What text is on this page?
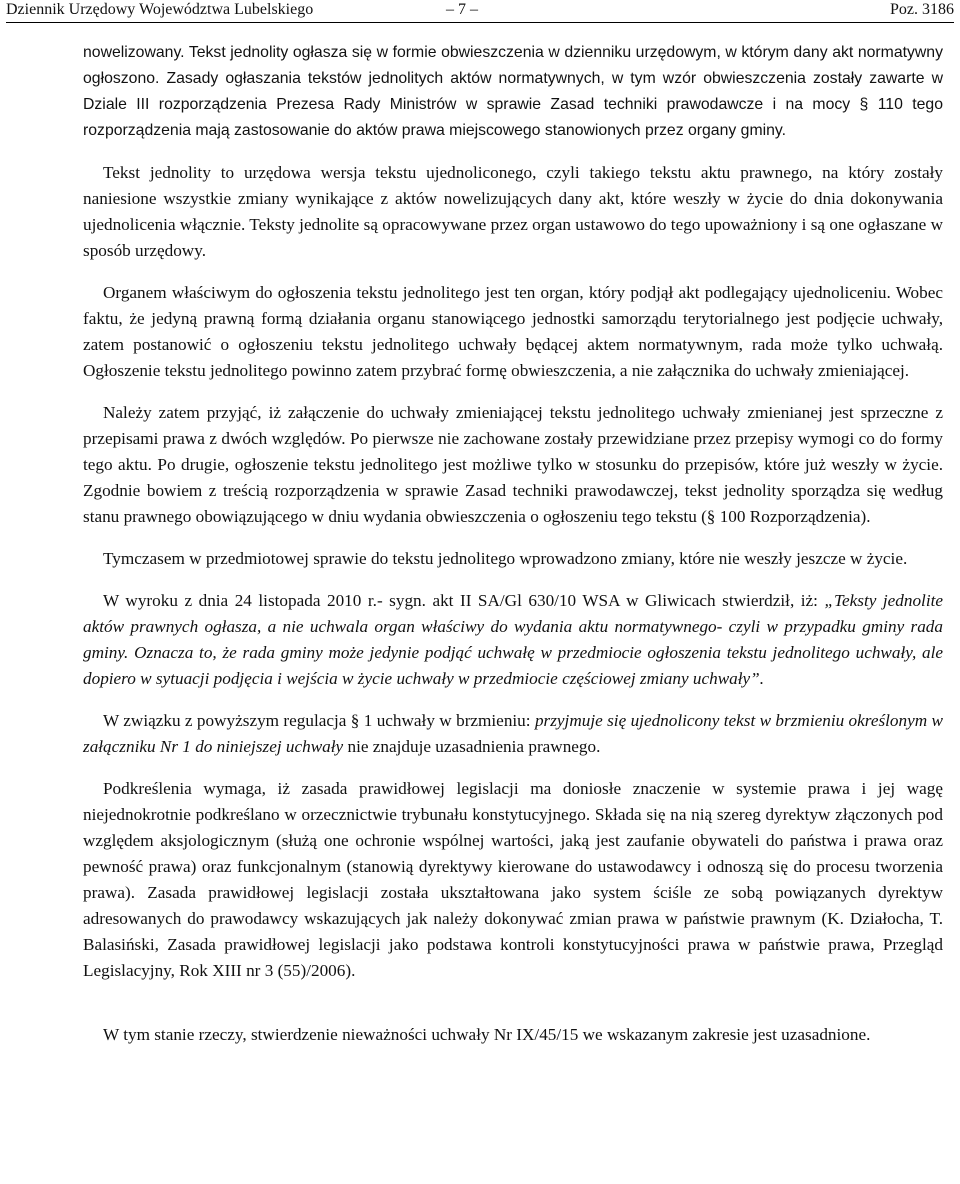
Dziennik Urzędowy Województwa Lubelskiego	– 7 –	Poz. 3186

nowelizowany. Tekst jednolity ogłasza się w formie obwieszczenia w dzienniku urzędowym, w którym dany akt normatywny ogłoszono. Zasady ogłaszania tekstów jednolitych aktów normatywnych, w tym wzór obwieszczenia zostały zawarte w Dziale III rozporządzenia Prezesa Rady Ministrów w sprawie Zasad techniki prawodawcze i na mocy § 110 tego rozporządzenia mają zastosowanie do aktów prawa miejscowego stanowionych przez organy gminy.

Tekst jednolity to urzędowa wersja tekstu ujednoliconego, czyli takiego tekstu aktu prawnego, na który zostały naniesione wszystkie zmiany wynikające z aktów nowelizujących dany akt, które weszły w życie do dnia dokonywania ujednolicenia włącznie. Teksty jednolite są opracowywane przez organ ustawowo do tego upoważniony i są one ogłaszane w sposób urzędowy.

Organem właściwym do ogłoszenia tekstu jednolitego jest ten organ, który podjął akt podlegający ujednoliceniu. Wobec faktu, że jedyną prawną formą działania organu stanowiącego jednostki samorządu terytorialnego jest podjęcie uchwały, zatem postanowić o ogłoszeniu tekstu jednolitego uchwały będącej aktem normatywnym, rada może tylko uchwałą. Ogłoszenie tekstu jednolitego powinno zatem przybrać formę obwieszczenia, a nie załącznika do uchwały zmieniającej.

Należy zatem przyjąć, iż załączenie do uchwały zmieniającej tekstu jednolitego uchwały zmienianej jest sprzeczne z przepisami prawa z dwóch względów. Po pierwsze nie zachowane zostały przewidziane przez przepisy wymogi co do formy tego aktu. Po drugie, ogłoszenie tekstu jednolitego jest możliwe tylko w stosunku do przepisów, które już weszły w życie. Zgodnie bowiem z treścią rozporządzenia w sprawie Zasad techniki prawodawczej, tekst jednolity sporządza się według stanu prawnego obowiązującego w dniu wydania obwieszczenia o ogłoszeniu tego tekstu (§ 100 Rozporządzenia).

Tymczasem w przedmiotowej sprawie do tekstu jednolitego wprowadzono zmiany, które nie weszły jeszcze w życie.

W wyroku z dnia 24 listopada 2010 r.- sygn. akt II SA/Gl 630/10 WSA w Gliwicach stwierdził, iż: „Teksty jednolite aktów prawnych ogłasza, a nie uchwala organ właściwy do wydania aktu normatywnego- czyli w przypadku gminy rada gminy. Oznacza to, że rada gminy może jedynie podjąć uchwałę w przedmiocie ogłoszenia tekstu jednolitego uchwały, ale dopiero w sytuacji podjęcia i wejścia w życie uchwały w przedmiocie częściowej zmiany uchwały”.

W związku z powyższym regulacja § 1 uchwały w brzmieniu: przyjmuje się ujednolicony tekst w brzmieniu określonym w załączniku Nr 1 do niniejszej uchwały nie znajduje uzasadnienia prawnego.

Podkreślenia wymaga, iż zasada prawidłowej legislacji ma doniosłe znaczenie w systemie prawa i jej wagę niejednokrotnie podkreślano w orzecznictwie trybunału konstytucyjnego. Składa się na nią szereg dyrektyw złączonych pod względem aksjologicznym (służą one ochronie wspólnej wartości, jaką jest zaufanie obywateli do państwa i prawa oraz pewność prawa) oraz funkcjonalnym (stanowią dyrektywy kierowane do ustawodawcy i odnoszą się do procesu tworzenia prawa). Zasada prawidłowej legislacji została ukształtowana jako system ściśle ze sobą powiązanych dyrektyw adresowanych do prawodawcy wskazujących jak należy dokonywać zmian prawa w państwie prawnym (K. Działocha, T. Balasiński, Zasada prawidłowej legislacji jako podstawa kontroli konstytucyjności prawa w państwie prawa, Przegląd Legislacyjny, Rok XIII nr 3 (55)/2006).

W tym stanie rzeczy, stwierdzenie nieważności uchwały Nr IX/45/15 we wskazanym zakresie jest uzasadnione.
